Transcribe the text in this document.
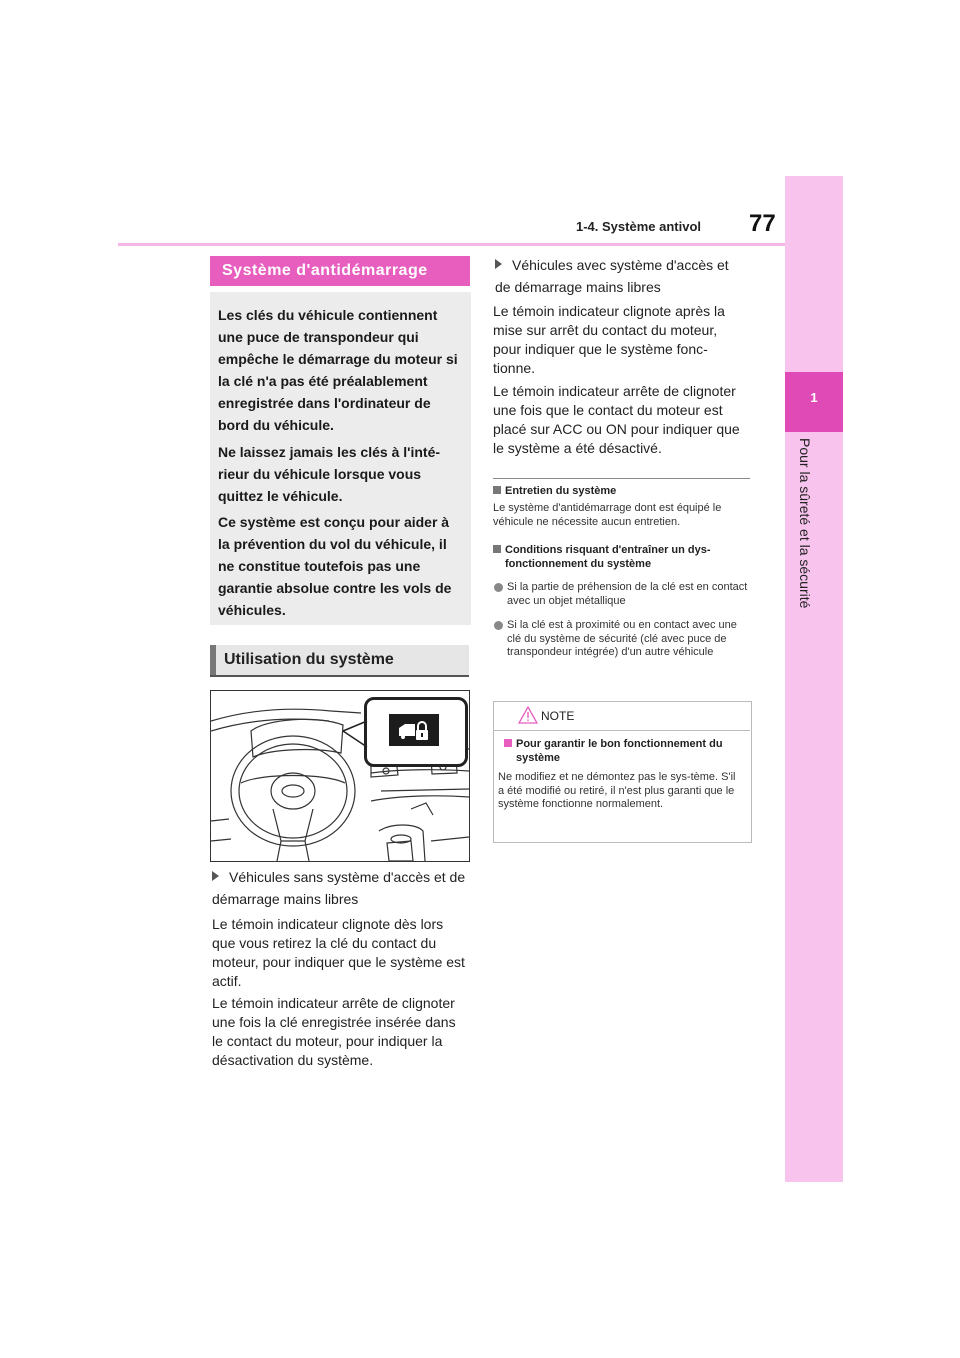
1-4. Système antivol 77
1
Pour la sûreté et la sécurité
Système d'antidémarrage
Les clés du véhicule contiennent une puce de transpondeur qui empêche le démarrage du moteur si la clé n'a pas été préalablement enregistrée dans l'ordinateur de bord du véhicule.
Ne laissez jamais les clés à l'inté-rieur du véhicule lorsque vous quittez le véhicule.
Ce système est conçu pour aider à la prévention du vol du véhicule, il ne constitue toutefois pas une garantie absolue contre les vols de véhicules.
Utilisation du système
Véhicules sans système d'accès et de démarrage mains libres
Le témoin indicateur clignote dès lors que vous retirez la clé du contact du moteur, pour indiquer que le système est actif.
Le témoin indicateur arrête de clignoter une fois la clé enregistrée insérée dans le contact du moteur, pour indiquer la désactivation du système.
Véhicules avec système d'accès et de démarrage mains libres
Le témoin indicateur clignote après la mise sur arrêt du contact du moteur, pour indiquer que le système fonc-tionne.
Le témoin indicateur arrête de clignoter une fois que le contact du moteur est placé sur ACC ou ON pour indiquer que le système a été désactivé.
Entretien du système
Le système d'antidémarrage dont est équipé le véhicule ne nécessite aucun entretien.
Conditions risquant d'entraîner un dys-fonctionnement du système
Si la partie de préhension de la clé est en contact avec un objet métallique
Si la clé est à proximité ou en contact avec une clé du système de sécurité (clé avec puce de transpondeur intégrée) d'un autre véhicule
NOTE
Pour garantir le bon fonctionnement du système
Ne modifiez et ne démontez pas le sys-tème. S'il a été modifié ou retiré, il n'est plus garanti que le système fonctionne normalement.
